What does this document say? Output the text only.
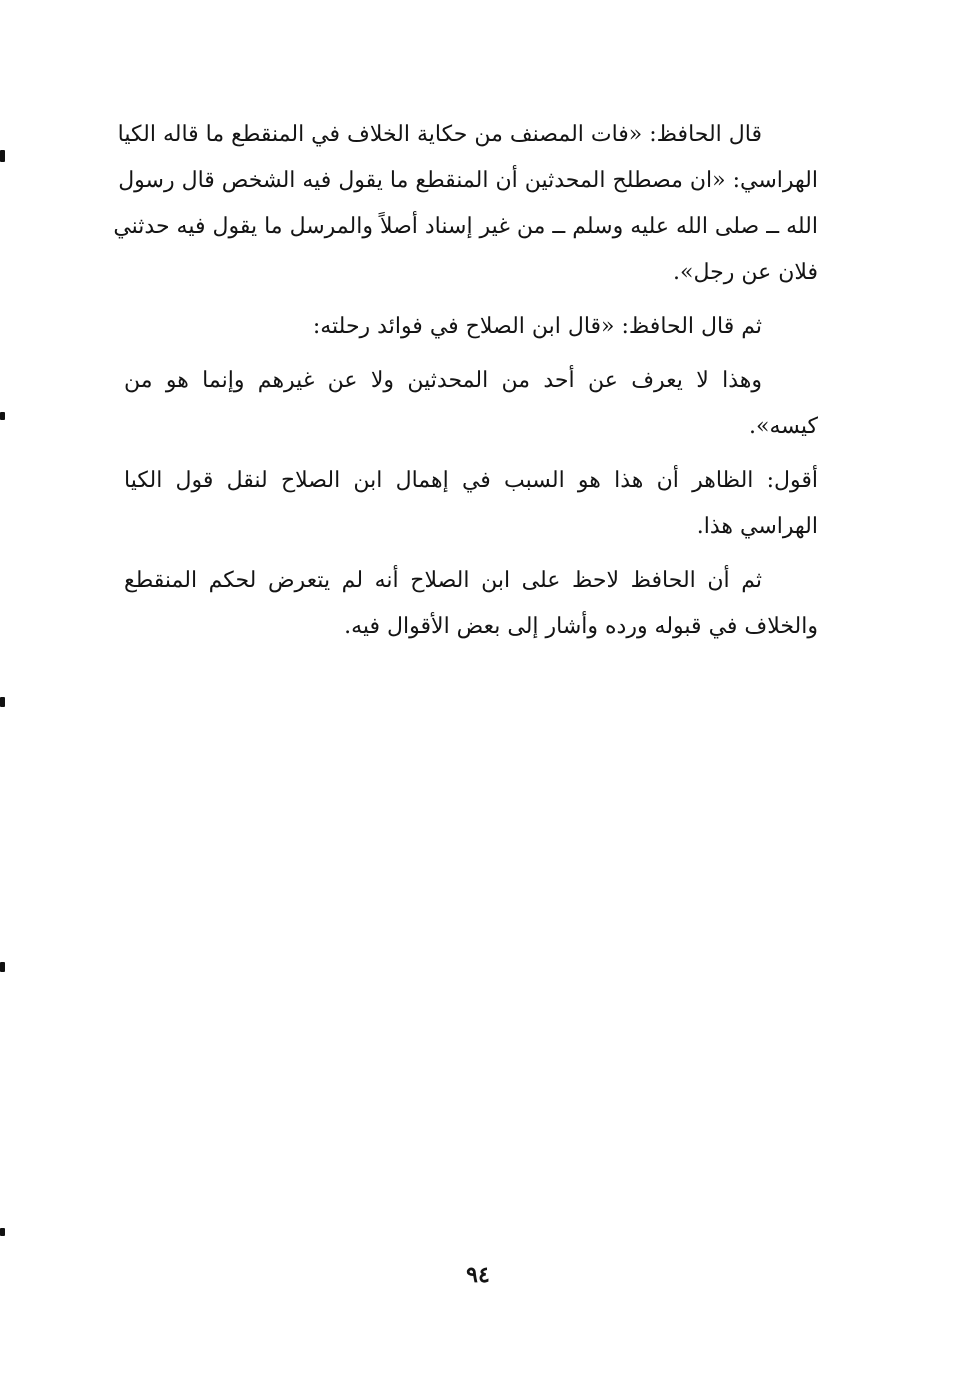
قال الحافظ: «فات المصنف من حكاية الخلاف في المنقطع ما قاله الكيا
الهراسي: «ان مصطلح المحدثين أن المنقطع ما يقول فيه الشخص قال رسول
الله ــ صلى الله عليه وسلم ــ من غير إسناد أصلاً والمرسل ما يقول فيه حدثني
فلان عن رجل».

ثم قال الحافظ: «قال ابن الصلاح في فوائد رحلته:

وهذا لا يعرف عن أحد من المحدثين ولا عن غيرهم وإنما هو من
كيسه».

أقول: الظاهر أن هذا هو السبب في إهمال ابن الصلاح لنقل قول الكيا
الهراسي هذا.

ثم أن الحافظ لاحظ على ابن الصلاح أنه لم يتعرض لحكم المنقطع
والخلاف في قبوله ورده وأشار إلى بعض الأقوال فيه.

٩٤
